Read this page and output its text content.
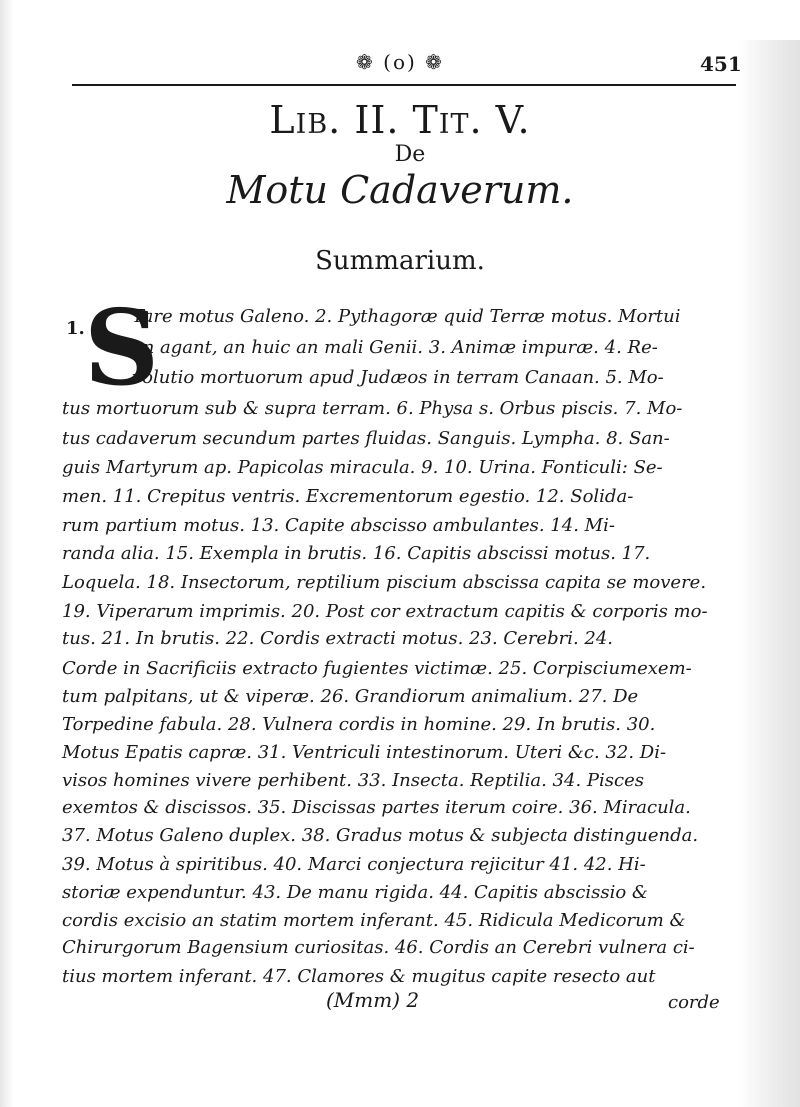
❁ (o) ❁	451
Lib. II. Tit. V.
De
Motu Cadaverum.
Summarium.
1. S
Tare motus Galeno. 2. Pythagoræ quid Terræ motus. Mortui
an agant, an huic an mali Genii. 3. Animæ impuræ. 4. Re-
volutio mortuorum apud Judæos in terram Canaan. 5. Mo-
tus mortuorum sub & supra terram. 6. Physa s. Orbus piscis. 7. Mo-
tus cadaverum secundum partes fluidas. Sanguis. Lympha. 8. San-
guis Martyrum ap. Papicolas miracula. 9. 10. Urina. Fonticuli: Se-
men. 11. Crepitus ventris. Excrementorum egestio. 12. Solida-
rum partium motus. 13. Capite abscisso ambulantes. 14. Mi-
randa alia. 15. Exempla in brutis. 16. Capitis abscissi motus. 17.
Loquela. 18. Insectorum, reptilium piscium abscissa capita se movere.
19. Viperarum imprimis. 20. Post cor extractum capitis & corporis mo-
tus. 21. In brutis. 22. Cordis extracti motus. 23. Cerebri. 24.
Corde in Sacrificiis extracto fugientes victimæ. 25. Corpisciumexem-
tum palpitans, ut & viperæ. 26. Grandiorum animalium. 27. De
Torpedine fabula. 28. Vulnera cordis in homine. 29. In brutis. 30.
Motus Epatis capræ. 31. Ventriculi intestinorum. Uteri &c. 32. Di-
visos homines vivere perhibent. 33. Insecta. Reptilia. 34. Pisces
exemtos & discissos. 35. Discissas partes iterum coire. 36. Miracula.
37. Motus Galeno duplex. 38. Gradus motus & subjecta distinguenda.
39. Motus à spiritibus. 40. Marci conjectura rejicitur 41. 42. Hi-
storiæ expenduntur. 43. De manu rigida. 44. Capitis abscissio &
cordis excisio an statim mortem inferant. 45. Ridicula Medicorum &
Chirurgorum Bagensium curiositas. 46. Cordis an Cerebri vulnera ci-
tius mortem inferant. 47. Clamores & mugitus capite resecto aut
(Mmm) 2	corde
